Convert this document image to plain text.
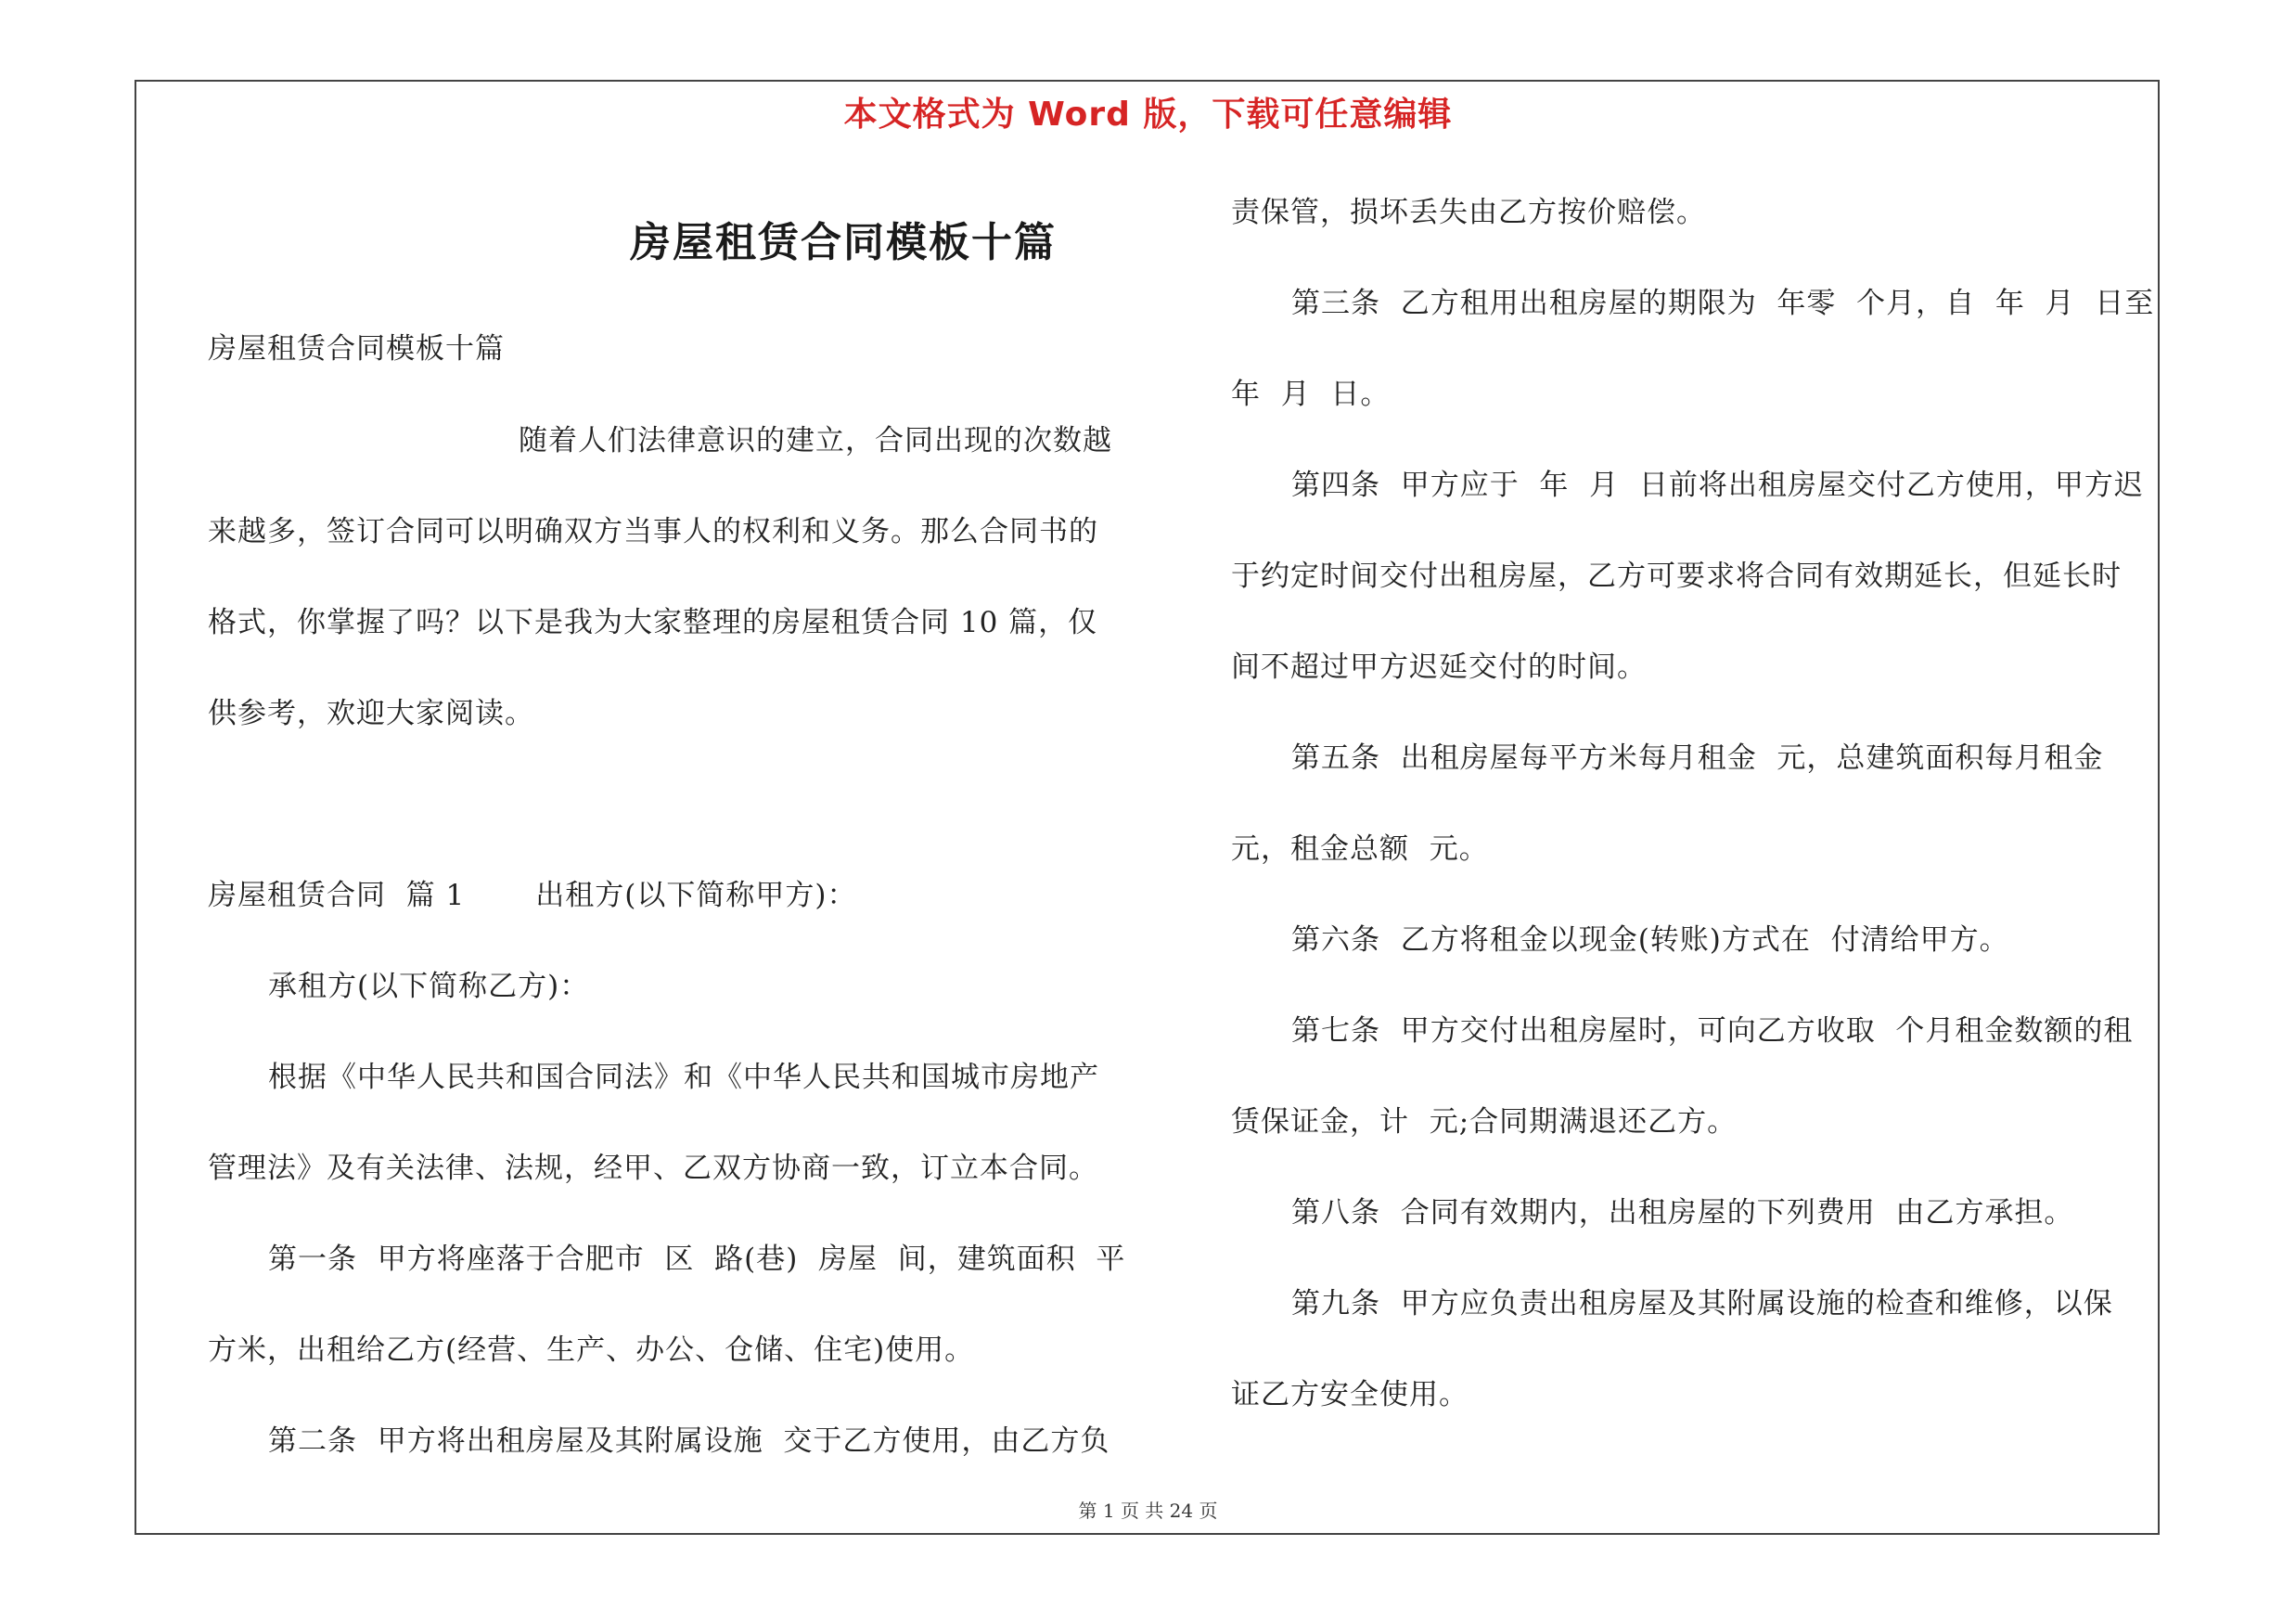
本文格式为 Word 版，下载可任意编辑
房屋租赁合同模板十篇
房屋租赁合同模板十篇
随着人们法律意识的建立，合同出现的次数越
来越多，签订合同可以明确双方当事人的权利和义务。那么合同书的
格式，你掌握了吗？以下是我为大家整理的房屋租赁合同 10 篇，仅
供参考，欢迎大家阅读。
房屋租赁合同  篇 1       出租方(以下简称甲方)：
承租方(以下简称乙方)：
根据《中华人民共和国合同法》和《中华人民共和国城市房地产
管理法》及有关法律、法规，经甲、乙双方协商一致，订立本合同。
第一条  甲方将座落于合肥市  区  路(巷)  房屋  间，建筑面积  平
方米，出租给乙方(经营、生产、办公、仓储、住宅)使用。
第二条  甲方将出租房屋及其附属设施  交于乙方使用，由乙方负
责保管，损坏丢失由乙方按价赔偿。
第三条  乙方租用出租房屋的期限为  年零  个月，自  年  月  日至
年  月  日。
第四条  甲方应于  年  月  日前将出租房屋交付乙方使用，甲方迟
于约定时间交付出租房屋，乙方可要求将合同有效期延长，但延长时
间不超过甲方迟延交付的时间。
第五条  出租房屋每平方米每月租金  元，总建筑面积每月租金
元，租金总额  元。
第六条  乙方将租金以现金(转账)方式在  付清给甲方。
第七条  甲方交付出租房屋时，可向乙方收取  个月租金数额的租
赁保证金，计  元;合同期满退还乙方。
第八条  合同有效期内，出租房屋的下列费用  由乙方承担。
第九条  甲方应负责出租房屋及其附属设施的检查和维修，以保
证乙方安全使用。
第 1 页 共 24 页
